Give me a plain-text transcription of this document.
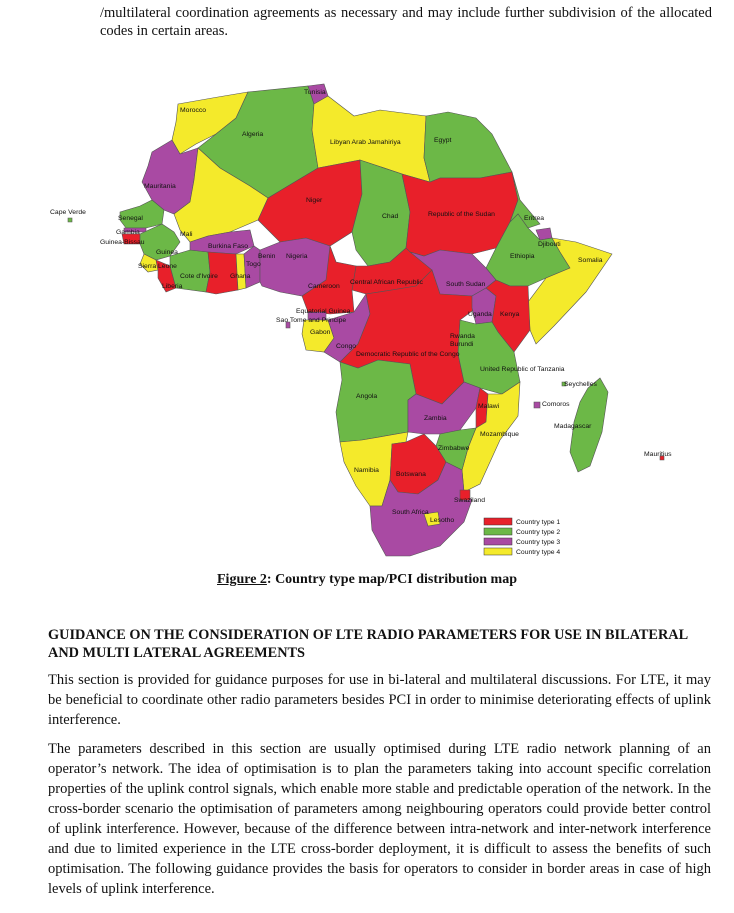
/multilateral coordination agreements as necessary and may include further subdivision of the allocated codes in certain areas.
Tunisia
Morocco
Algeria
Libyan Arab Jamahiriya	Egypt
Mauritania
Niger
Chad	Republic of the Sudan
Eritrea
Cape Verde
Senegal
Gambia
Guinea-Bissau
Mali
Burkina Faso
Guinea
Sierra Leone
Cote d'Ivoire Ghana
Liberia
Benin Nigeria
Togo
Djibouti
Ethiopia
Somalia
Central African Republic	South Sudan
Cameroon
Equatorial Guinea
Sao Tome and Principe
Gabon
Congo
Uganda Kenya
Rwanda
Burundi
Democratic Republic of the Congo
United Republic of Tanzania
Seychelles
Comoros
Angola
Malawi
Zambia
Madagascar
Mozambique
Mauritius
Zimbabwe
Namibia
Botswana
Swaziland
South Africa
Lesotho	Country type 1
Country type 2
Country type 3
Country type 4
Figure 2: Country type map/PCI distribution map
GUIDANCE ON THE CONSIDERATION OF LTE RADIO PARAMETERS FOR USE IN BILATERAL AND MULTI LATERAL AGREEMENTS

This section is provided for guidance purposes for use in bi-lateral and multilateral discussions. For LTE, it may be beneficial to coordinate other radio parameters besides PCI in order to minimise deteriorating effects of uplink interference.

The parameters described in this section are usually optimised during LTE radio network planning of an operator’s network. The idea of optimisation is to plan the parameters taking into account specific correlation properties of the uplink control signals, which enable more stable and predictable operation of the network. In the cross-border scenario the optimisation of parameters among neighbouring operators could provide better control of uplink interference. However, because of the difference between intra-network and inter-network interference and due to limited experience in the LTE cross-border deployment, it is difficult to assess the benefits of such optimisation. The following guidance provides the basis for operators to consider in border areas in case of high levels of uplink interference.
